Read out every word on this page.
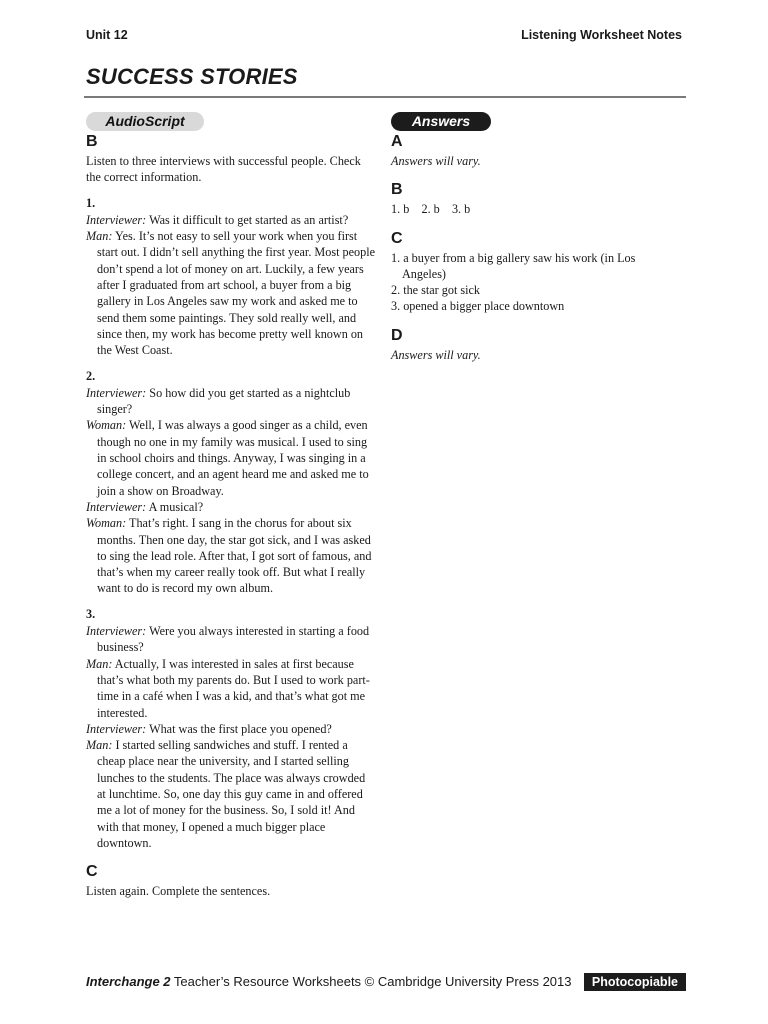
Unit 12	Listening Worksheet Notes
SUCCESS STORIES
AudioScript
B

Listen to three interviews with successful people. Check the correct information.

1.

Interviewer: Was it difficult to get started as an artist?

Man: Yes. It’s not easy to sell your work when you first start out. I didn’t sell anything the first year. Most people don’t spend a lot of money on art. Luckily, a few years after I graduated from art school, a buyer from a big gallery in Los Angeles saw my work and asked me to send them some paintings. They sold really well, and since then, my work has become pretty well known on the West Coast.

2.

Interviewer: So how did you get started as a nightclub singer?

Woman: Well, I was always a good singer as a child, even though no one in my family was musical. I used to sing in school choirs and things. Anyway, I was singing in a college concert, and an agent heard me and asked me to join a show on Broadway.

Interviewer: A musical?

Woman: That’s right. I sang in the chorus for about six months. Then one day, the star got sick, and I was asked to sing the lead role. After that, I got sort of famous, and that’s when my career really took off. But what I really want to do is record my own album.

3.

Interviewer: Were you always interested in starting a food business?

Man: Actually, I was interested in sales at first because that’s what both my parents do. But I used to work part-time in a café when I was a kid, and that’s what got me interested.

Interviewer: What was the first place you opened?

Man: I started selling sandwiches and stuff. I rented a cheap place near the university, and I started selling lunches to the students. The place was always crowded at lunchtime. So, one day this guy came in and offered me a lot of money for the business. So, I sold it! And with that money, I opened a much bigger place downtown.

C

Listen again. Complete the sentences.

Answers
A

Answers will vary.

B

1. b    2. b    3. b

C

1. a buyer from a big gallery saw his work (in Los Angeles)

2. the star got sick

3. opened a bigger place downtown

D

Answers will vary.

Interchange 2 Teacher’s Resource Worksheets © Cambridge University Press 2013	Photocopiable
